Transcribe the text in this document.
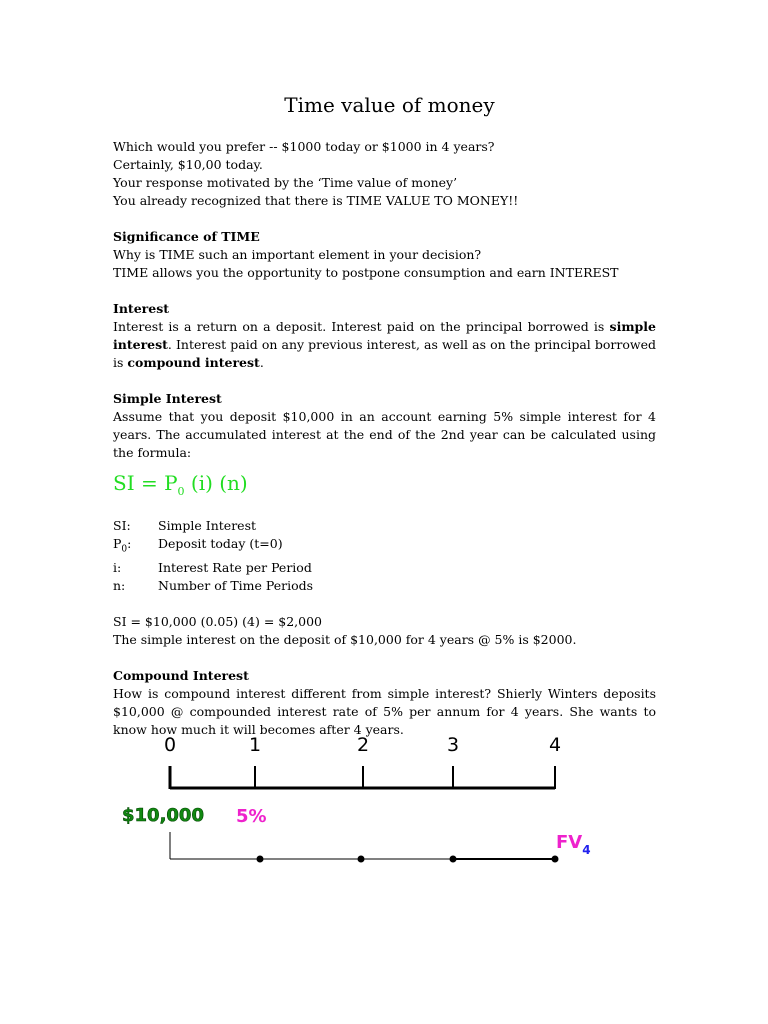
Time value of money

Which would you prefer -- $1000 today or $1000 in 4 years?

Certainly, $10,00 today.

Your response motivated by the ‘Time value of money’

You already recognized that there is TIME VALUE TO MONEY!!

Significance of TIME

Why is TIME such an important element in your decision?

TIME allows you the opportunity to postpone consumption and earn INTEREST

Interest

Interest is a return on a deposit. Interest paid on the principal borrowed is simple interest. Interest paid on any previous interest, as well as on the principal borrowed is compound interest.

Simple Interest

Assume that you deposit $10,000 in an account earning 5% simple interest for 4 years. The accumulated interest at the end of the 2nd year can be calculated using the formula:

SI = $P_0$ (i) (n)
SI:	Simple Interest
$P_0$:	Deposit today (t=0)
i:	Interest Rate per Period
n:	Number of Time Periods

SI = $10,000 (0.05) (4) = $2,000

The simple interest on the deposit of $10,000 for 4 years @ 5% is $2000.

Compound Interest

How is compound interest different from simple interest? Shierly Winters deposits $10,000 @ compounded interest rate of 5% per annum for 4 years. She wants to know how much it will becomes after 4 years.

0	1	2	3	4
$10,000 5%
$FV_4$
